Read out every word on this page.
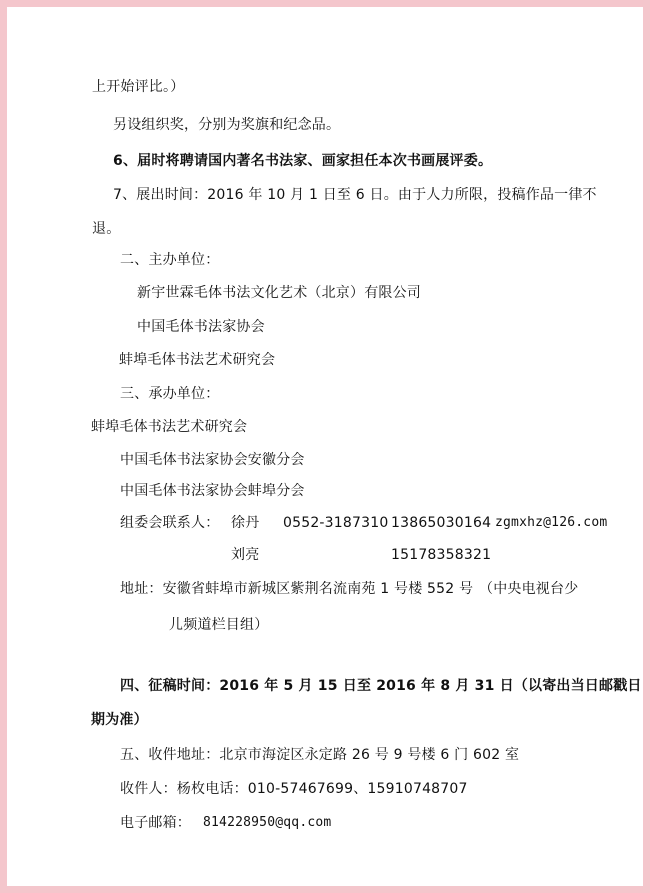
上开始评比。）
另设组织奖，分别为奖旗和纪念品。
6、届时将聘请国内著名书法家、画家担任本次书画展评委。
7、展出时间：2016 年 10 月 1 日至 6 日。由于人力所限，投稿作品一律不
退。
二、主办单位：
新宇世霖毛体书法文化艺术（北京）有限公司
中国毛体书法家协会
蚌埠毛体书法艺术研究会
三、承办单位：
蚌埠毛体书法艺术研究会
中国毛体书法家协会安徽分会
中国毛体书法家协会蚌埠分会
组委会联系人： 徐丹 0552-3187310 13865030164 zgmxhz@126.com
刘亮	15178358321
地址：安徽省蚌埠市新城区紫荆名流南苑 1 号楼 552 号 （中央电视台少
儿频道栏目组）
四、征稿时间：2016 年 5 月 15 日至 2016 年 8 月 31 日（以寄出当日邮戳日
期为准）
五、收件地址：北京市海淀区永定路 26 号 9 号楼 6 门 602 室
收件人：杨枚电话：010-57467699、15910748707
电子邮箱： 814228950@qq.com
